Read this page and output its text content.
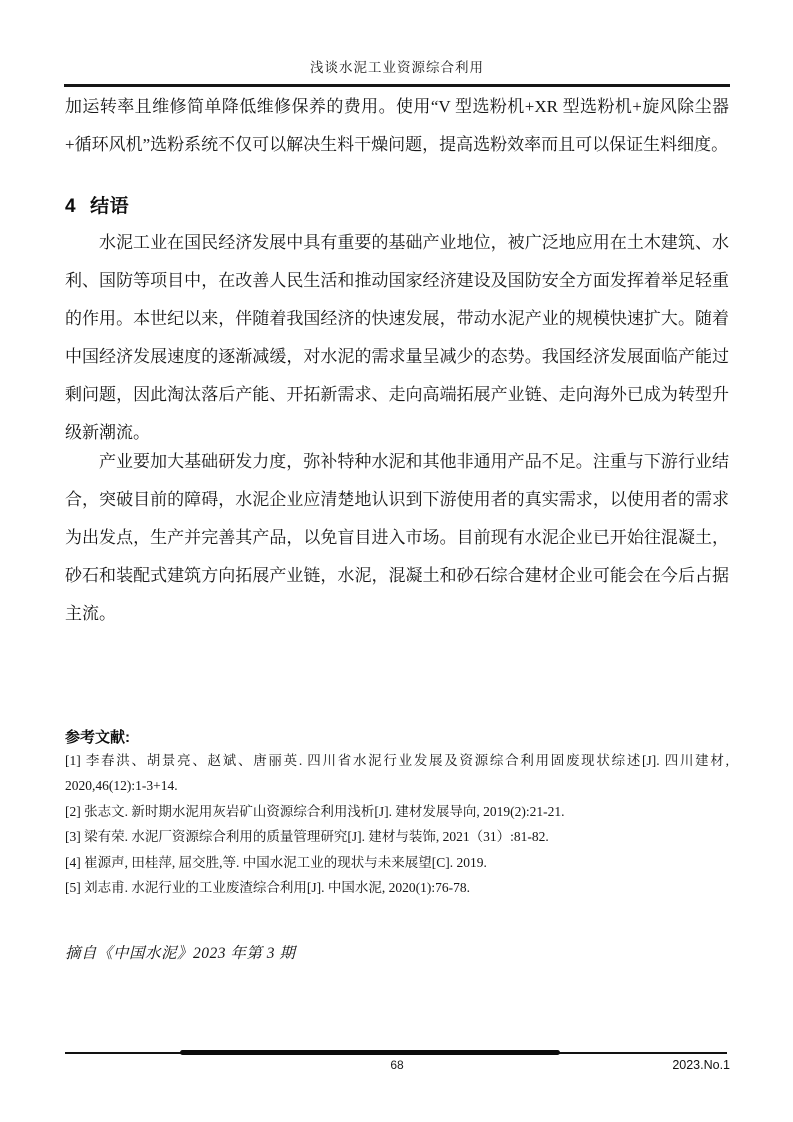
浅谈水泥工业资源综合利用
加运转率且维修简单降低维修保养的费用。使用“V 型选粉机+XR 型选粉机+旋风除尘器+循环风机”选粉系统不仅可以解决生料干燥问题，提高选粉效率而且可以保证生料细度。
4 结语
水泥工业在国民经济发展中具有重要的基础产业地位，被广泛地应用在土木建筑、水利、国防等项目中，在改善人民生活和推动国家经济建设及国防安全方面发挥着举足轻重的作用。本世纪以来，伴随着我国经济的快速发展，带动水泥产业的规模快速扩大。随着中国经济发展速度的逐渐减缓，对水泥的需求量呈减少的态势。我国经济发展面临产能过剩问题，因此淘汰落后产能、开拓新需求、走向高端拓展产业链、走向海外已成为转型升级新潮流。
产业要加大基础研发力度，弥补特种水泥和其他非通用产品不足。注重与下游行业结合，突破目前的障碍，水泥企业应清楚地认识到下游使用者的真实需求，以使用者的需求为出发点，生产并完善其产品，以免盲目进入市场。目前现有水泥企业已开始往混凝土，砂石和装配式建筑方向拓展产业链，水泥，混凝土和砂石综合建材企业可能会在今后占据主流。
参考文献:

[1] 李春洪、胡景亮、赵斌、唐丽英. 四川省水泥行业发展及资源综合利用固废现状综述[J]. 四川建材, 2020,46(12):1-3+14.

[2] 张志文. 新时期水泥用灰岩矿山资源综合利用浅析[J]. 建材发展导向, 2019(2):21-21.

[3] 梁有荣. 水泥厂资源综合利用的质量管理研究[J]. 建材与装饰, 2021（31）:81-82.

[4] 崔源声, 田桂萍, 屈交胜,等. 中国水泥工业的现状与未来展望[C]. 2019.

[5] 刘志甫. 水泥行业的工业废渣综合利用[J]. 中国水泥, 2020(1):76-78.

摘自《中国水泥》2023 年第 3 期
68	2023.No.1
